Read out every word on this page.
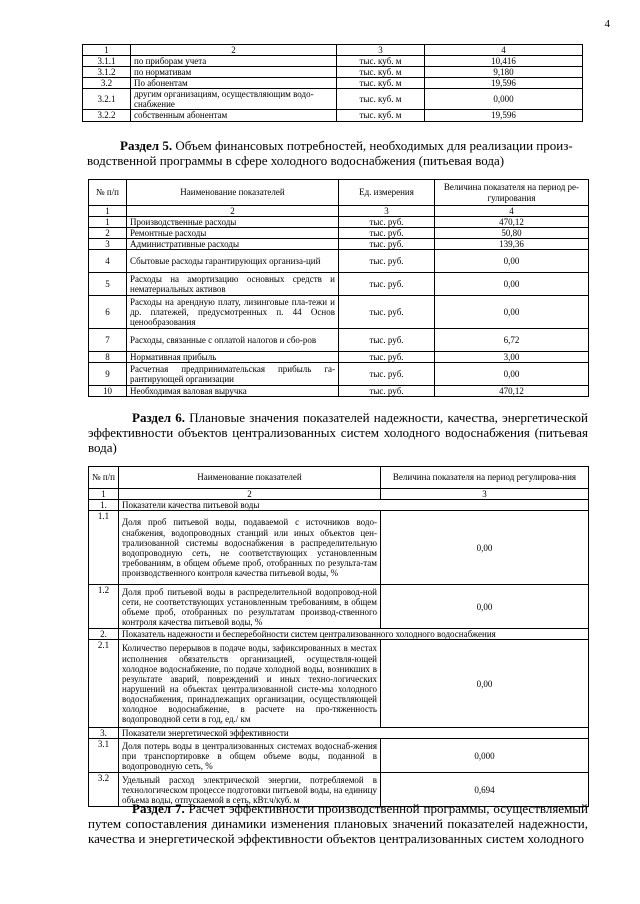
4
1	2	3	4
3.1.1	по приборам учета	тыс. куб. м	10,416
3.1.2	по нормативам	тыс. куб. м	9,180
3.2	По абонентам	тыс. куб. м	19,596
3.2.1	другим организациям, осуществляющим водо-снабжение	тыс. куб. м	0,000
3.2.2	собственным абонентам	тыс. куб. м	19,596
Раздел 5. Объем финансовых потребностей, необходимых для реализации произ-
водственной программы в сфере холодного водоснабжения (питьевая вода)
№ п/п	Наименование показателей	Ед. измерения	Величина показателя на период ре-гулирования
1	2	3	4
1	Производственные расходы	тыс. руб.	470,12
2	Ремонтные расходы	тыс. руб.	50,80
3	Административные расходы	тыс. руб.	139,36
4	Сбытовые расходы гарантирующих организа-ций	тыс. руб.	0,00
5	Расходы на амортизацию основных средств и нематериальных активов	тыс. руб.	0,00
6	Расходы на арендную плату, лизинговые пла-тежи и др. платежей, предусмотренных п. 44 Основ ценообразования	тыс. руб.	0,00
7	Расходы, связанные с оплатой налогов и сбо-ров	тыс. руб.	6,72
8	Нормативная прибыль	тыс. руб.	3,00
9	Расчетная предпринимательская прибыль га-рантирующей организации	тыс. руб.	0,00
10	Необходимая валовая выручка	тыс. руб.	470,12
Раздел 6. Плановые значения показателей надежности, качества, энергетической эффективности объектов централизованных систем холодного водоснабжения (питьевая вода)
№ п/п	Наименование показателей	Величина показателя на период регулирова-ния
1	2	3
1.	Показатели качества питьевой воды	
1.1	Доля проб питьевой воды, подаваемой с источников водо-снабжения, водопроводных станций или иных объектов цен-трализованной системы водоснабжения в распределительную водопроводную сеть, не соответствующих установленным требованиям, в общем объеме проб, отобранных по результа-там производственного контроля качества питьевой воды, %	0,00
1.2	Доля проб питьевой воды в распределительной водопровод-ной сети, не соответствующих установленным требованиям, в общем объеме проб, отобранных по результатам производ-ственного контроля качества питьевой воды, %	0,00
2.	Показатель надежности и бесперебойности систем централизованного холодного водоснабжения	
2.1	Количество перерывов в подаче воды, зафиксированных в местах исполнения обязательств организацией, осуществля-ющей холодное водоснабжение, по подаче холодной воды, возникших в результате аварий, повреждений и иных техно-логических нарушений на объектах централизованной систе-мы холодного водоснабжения, принадлежащих организации, осуществляющей холодное водоснабжение, в расчете на про-тяженность водопроводной сети в год, ед./ км	0,00
3.	Показатели энергетической эффективности	
3.1	Доля потерь воды в централизованных системах водоснаб-жения при транспортировке в общем объеме воды, поданной в водопроводную сеть, %	0,000
3.2	Удельный расход электрической энергии, потребляемой в технологическом процессе подготовки питьевой воды, на единицу объема воды, отпускаемой в сеть, кВт.ч/куб. м	0,694
Раздел 7. Расчет эффективности производственной программы, осуществляемый путем сопоставления динамики изменения плановых значений показателей надежности, качества и энергетической эффективности объектов централизованных систем холодного
